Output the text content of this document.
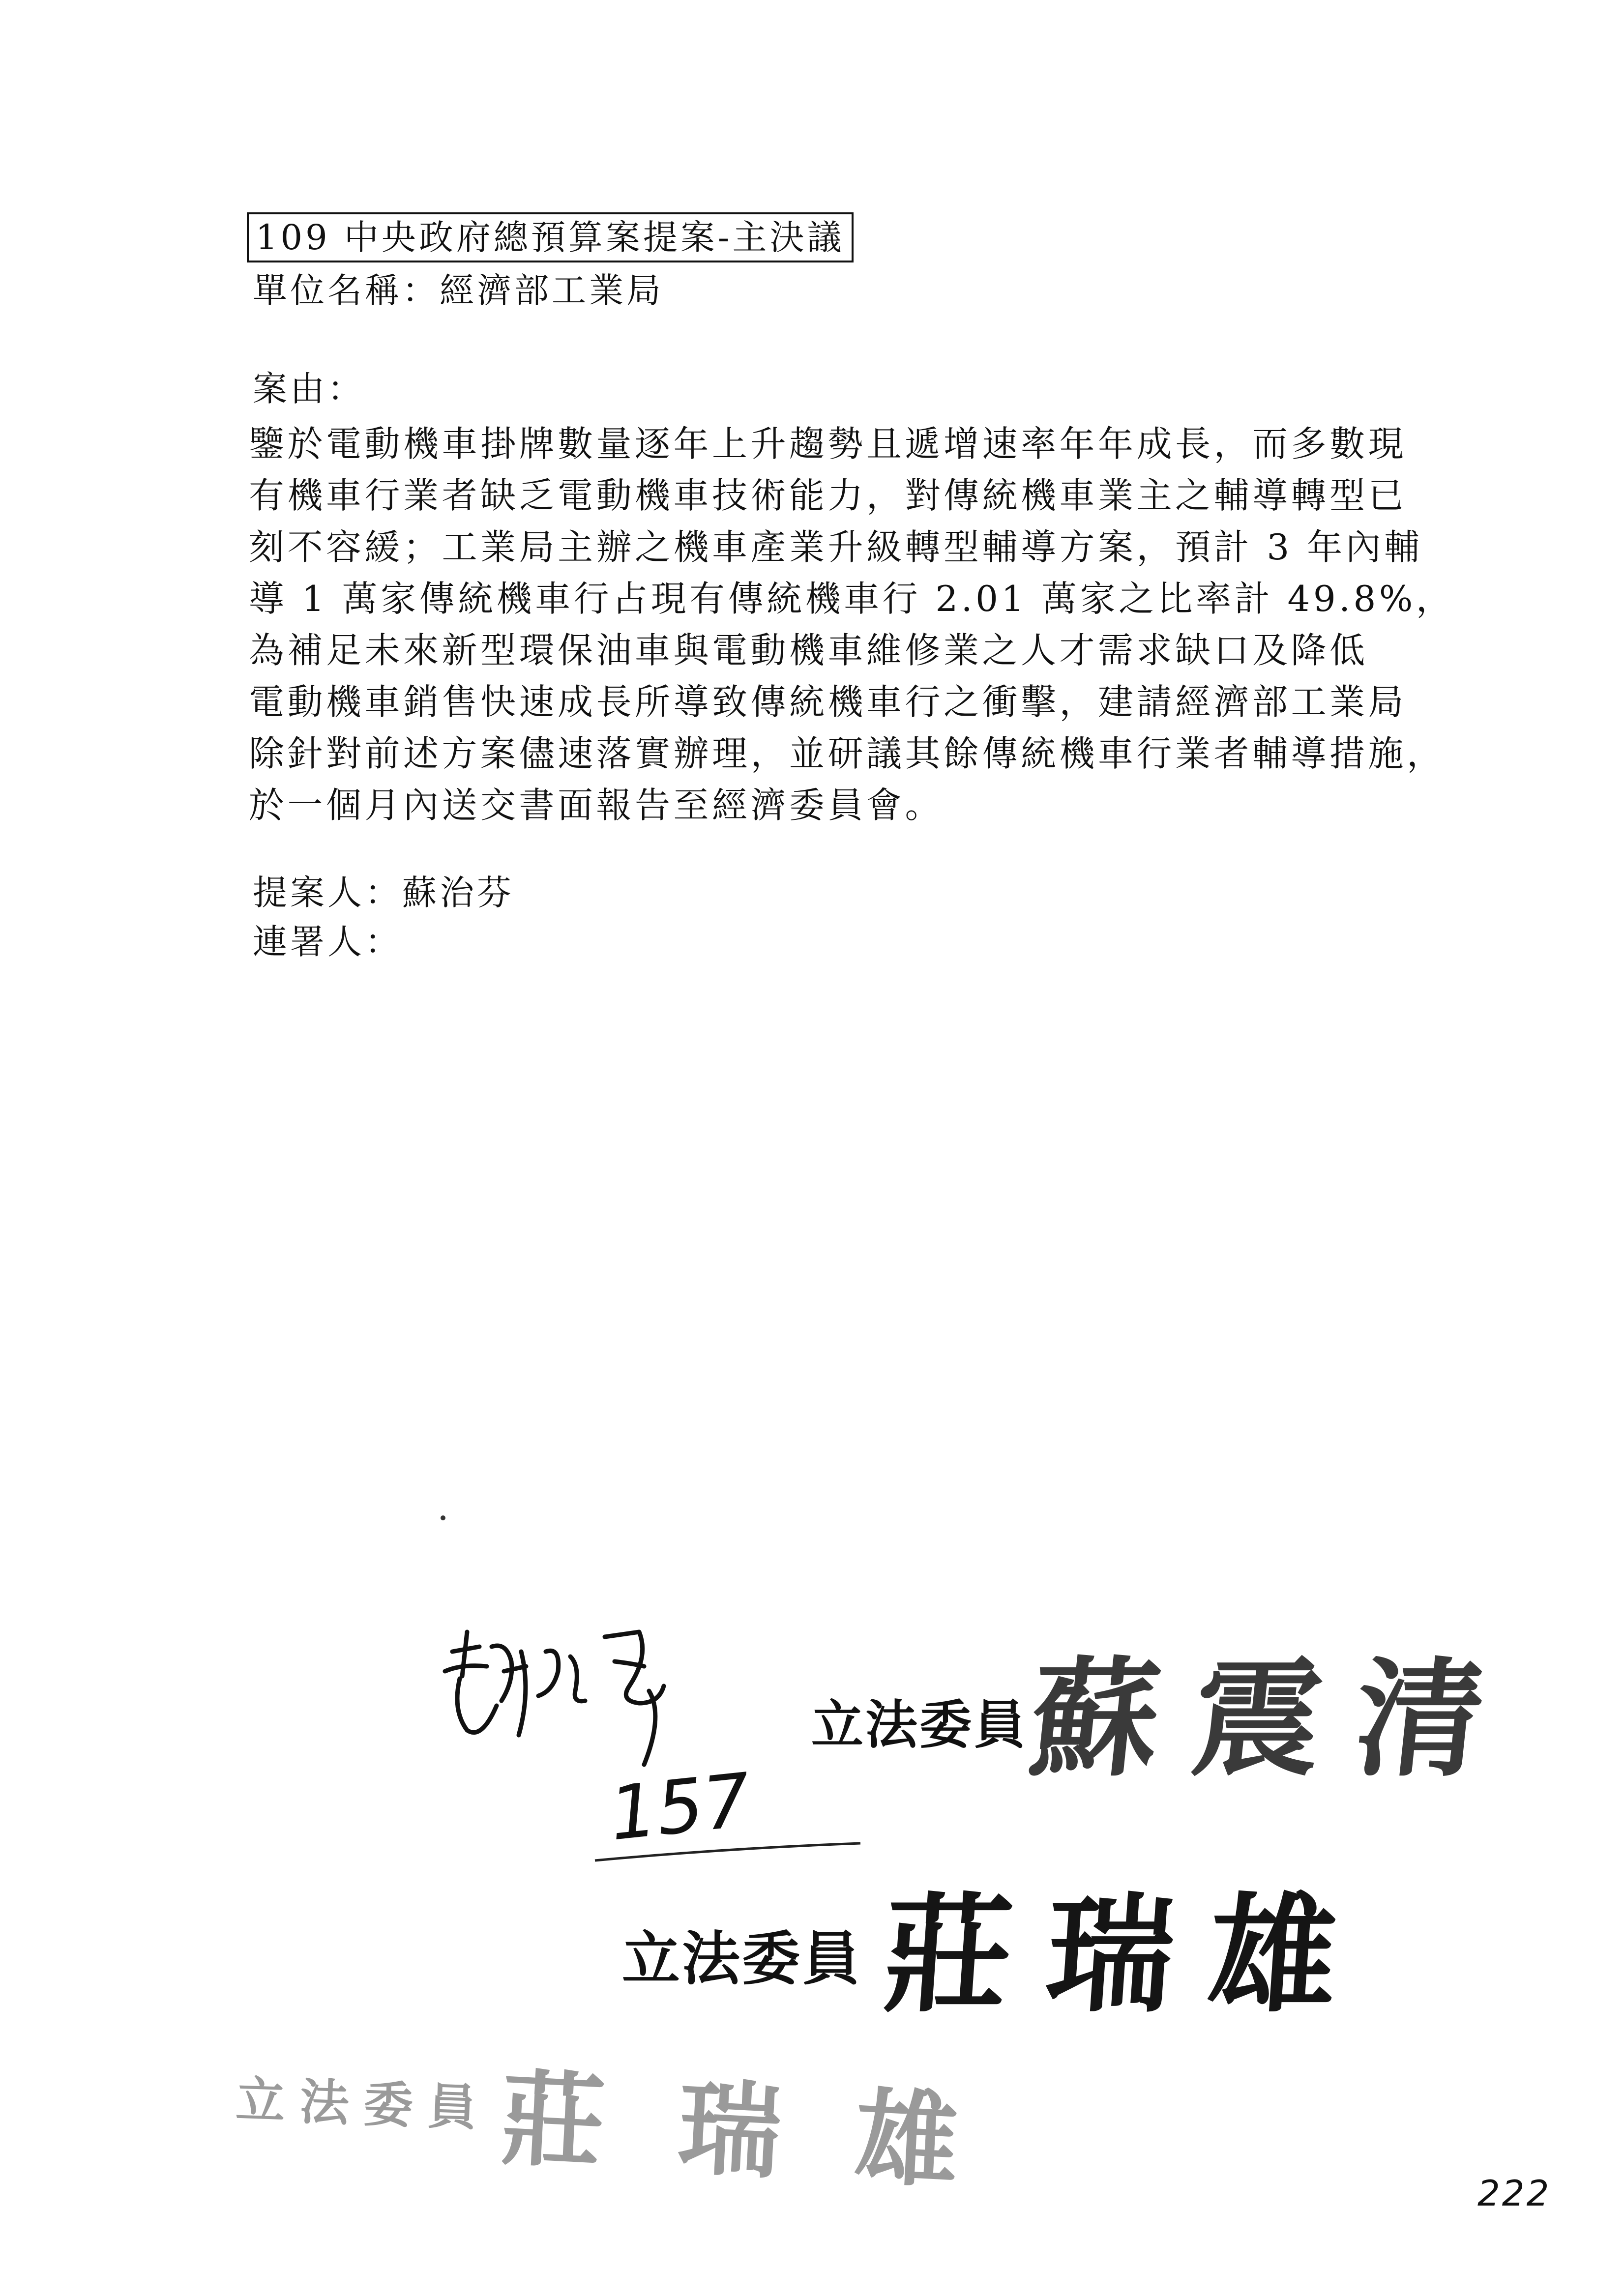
109 中央政府總預算案提案-主決議
單位名稱：經濟部工業局
案由：
鑒於電動機車掛牌數量逐年上升趨勢且遞增速率年年成長，而多數現
有機車行業者缺乏電動機車技術能力，對傳統機車業主之輔導轉型已
刻不容緩；工業局主辦之機車產業升級轉型輔導方案，預計 3 年內輔
導 1 萬家傳統機車行占現有傳統機車行 2.01 萬家之比率計 49.8%，
為補足未來新型環保油車與電動機車維修業之人才需求缺口及降低
電動機車銷售快速成長所導致傳統機車行之衝擊，建請經濟部工業局
除針對前述方案儘速落實辦理，並研議其餘傳統機車行業者輔導措施，
於一個月內送交書面報告至經濟委員會。
提案人：蘇治芬
連署人：
157
立法委員
蘇震清
立法委員 莊瑞雄
立法委員 莊瑞雄	222
